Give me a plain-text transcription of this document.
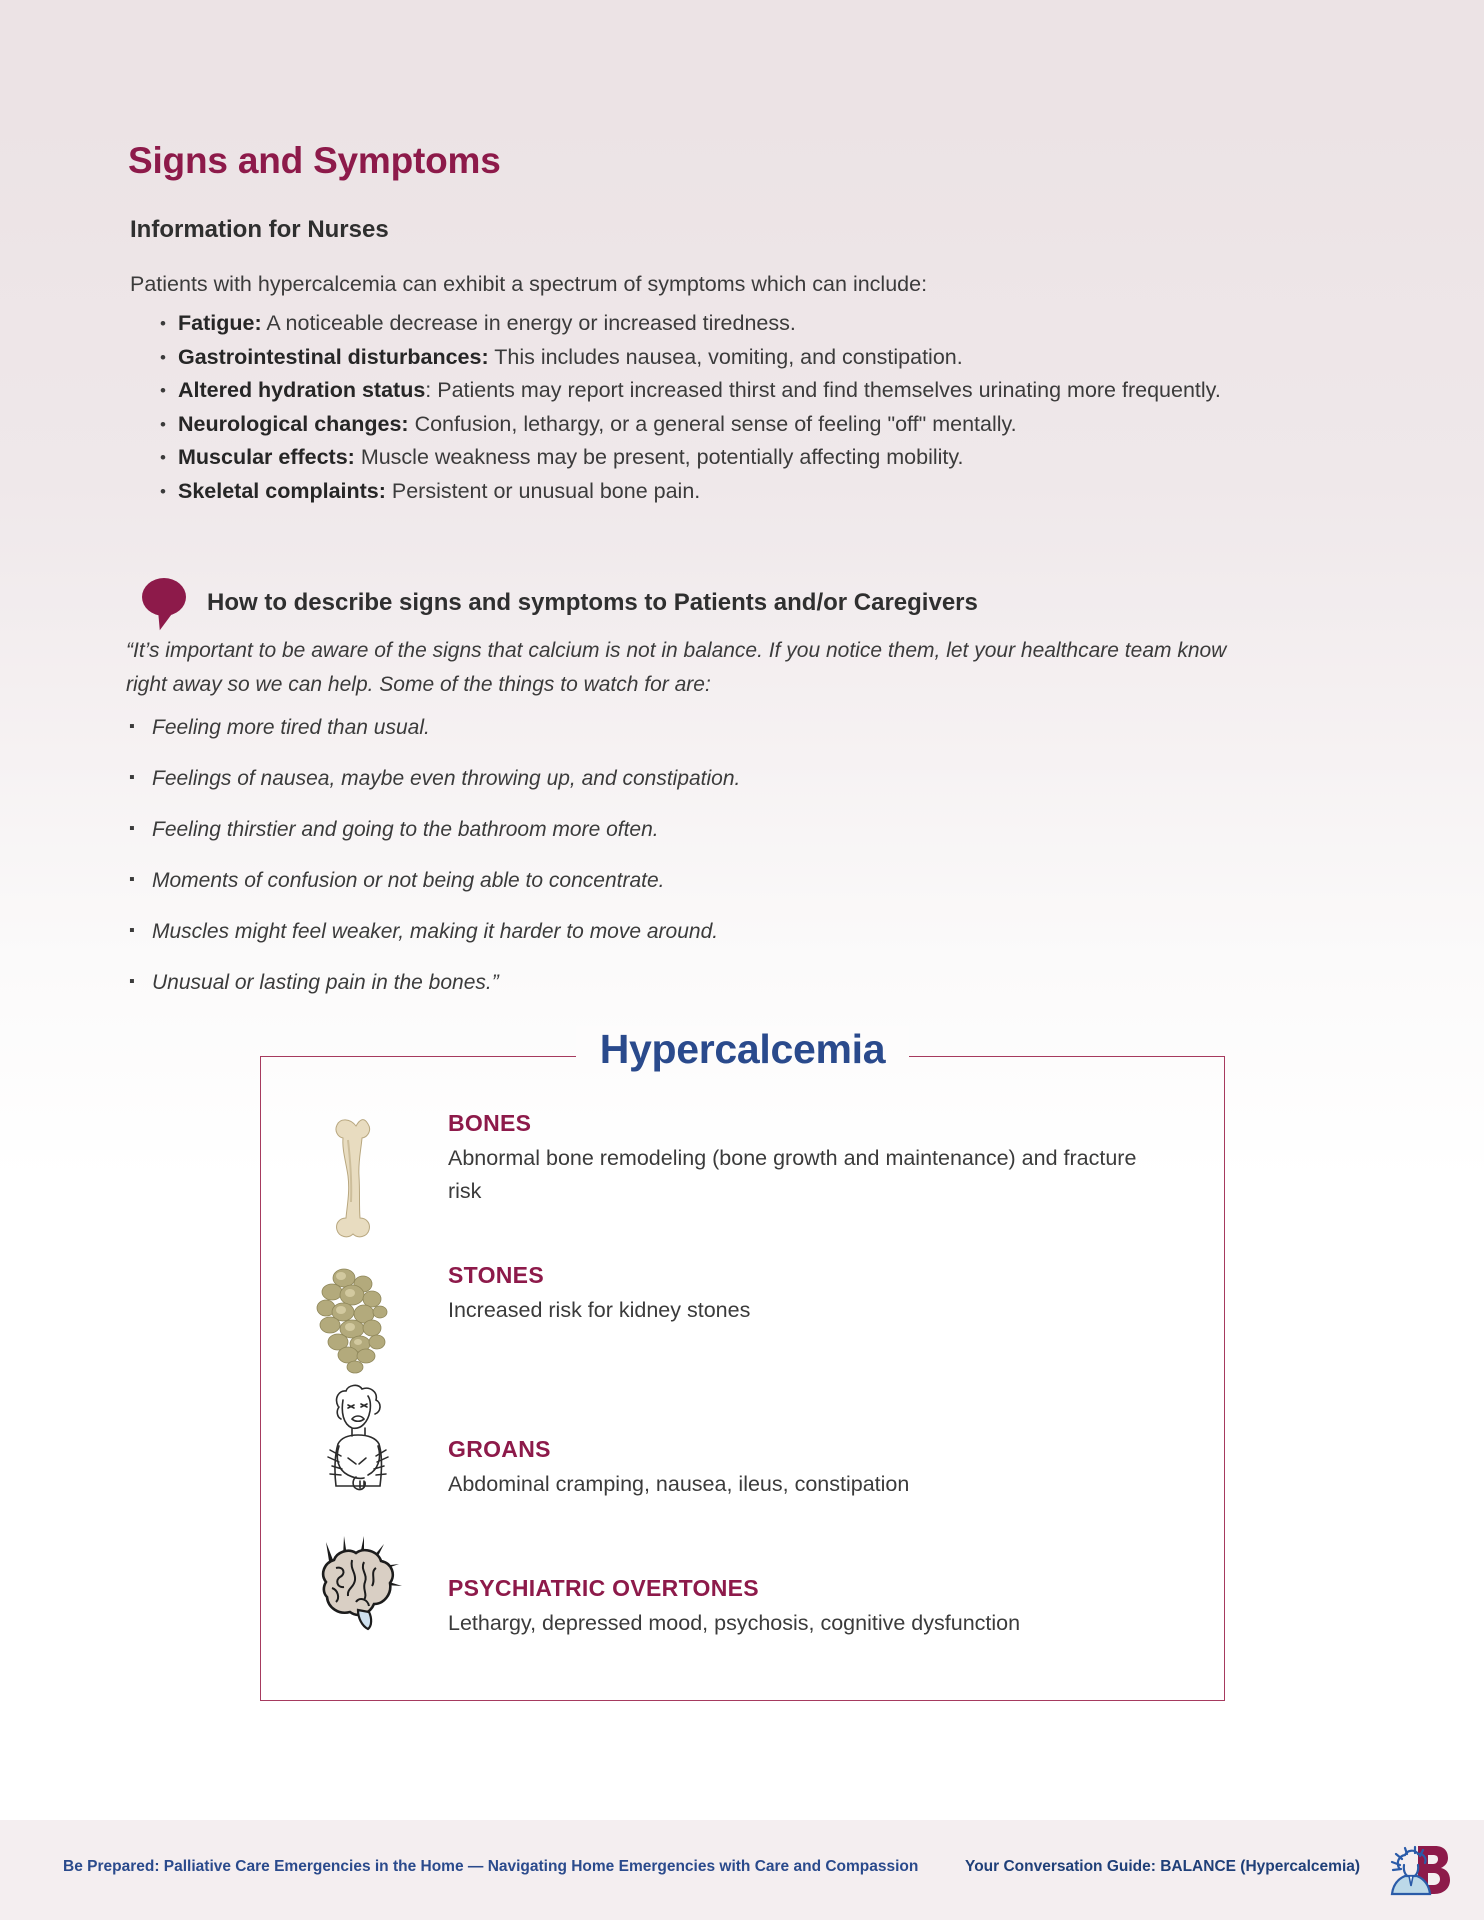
Signs and Symptoms
Information for Nurses
Patients with hypercalcemia can exhibit a spectrum of symptoms which can include:
• Fatigue: A noticeable decrease in energy or increased tiredness.
• Gastrointestinal disturbances: This includes nausea, vomiting, and constipation.
• Altered hydration status: Patients may report increased thirst and find themselves urinating more frequently.
• Neurological changes: Confusion, lethargy, or a general sense of feeling "off" mentally.
• Muscular effects: Muscle weakness may be present, potentially affecting mobility.
• Skeletal complaints: Persistent or unusual bone pain.
How to describe signs and symptoms to Patients and/or Caregivers
“It’s important to be aware of the signs that calcium is not in balance. If you notice them, let your healthcare team know right away so we can help. Some of the things to watch for are:
▪ Feeling more tired than usual.
▪ Feelings of nausea, maybe even throwing up, and constipation.
▪ Feeling thirstier and going to the bathroom more often.
▪ Moments of confusion or not being able to concentrate.
▪ Muscles might feel weaker, making it harder to move around.
▪ Unusual or lasting pain in the bones.”
Hypercalcemia
BONES
Abnormal bone remodeling (bone growth and maintenance) and fracture risk
STONES
Increased risk for kidney stones
GROANS
Abdominal cramping, nausea, ileus, constipation
PSYCHIATRIC OVERTONES
Lethargy, depressed mood, psychosis, cognitive dysfunction
Be Prepared: Palliative Care Emergencies in the Home — Navigating Home Emergencies with Care and Compassion	Your Conversation Guide: BALANCE (Hypercalcemia)
